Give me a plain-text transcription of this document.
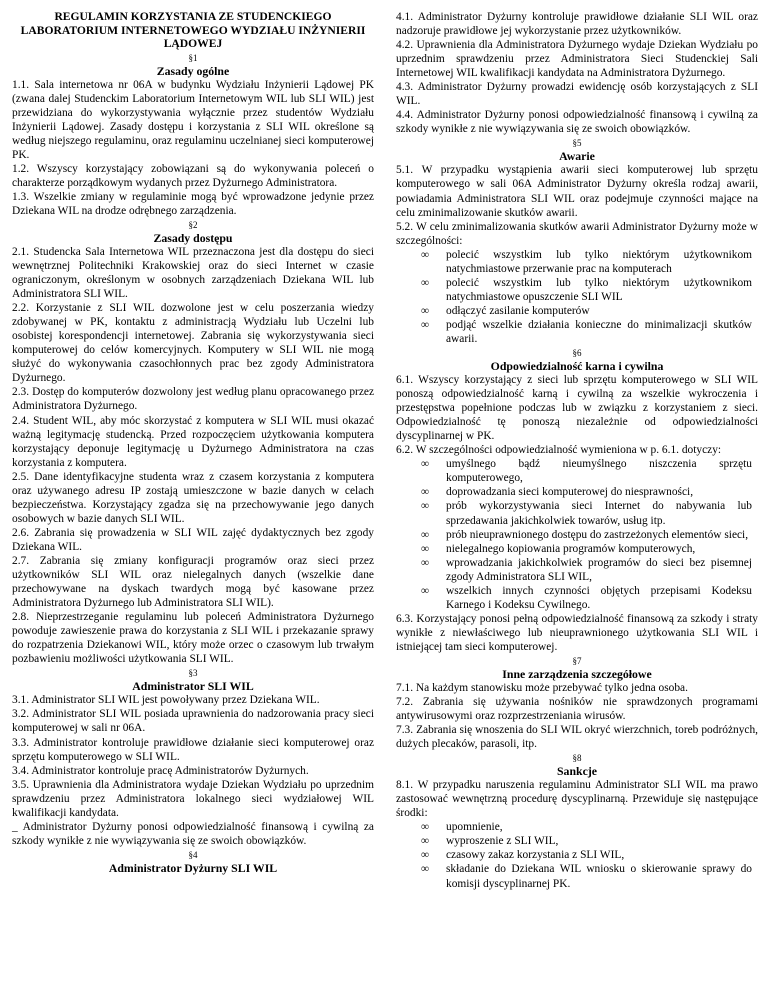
REGULAMIN KORZYSTANIA ZE STUDENCKIEGO LABORATORIUM INTERNETOWEGO WYDZIAŁU INŻYNIERII LĄDOWEJ

§1

Zasady ogólne

1.1. Sala internetowa nr 06A w budynku Wydziału Inżynierii Lądowej PK (zwana dalej Studenckim Laboratorium Internetowym WIL lub SLI WIL) jest przewidziana do wykorzystywania wyłącznie przez studentów Wydziału Inżynierii Lądowej. Zasady dostępu i korzystania z SLI WIL określone są według niejszego regulaminu, oraz regulaminu uczelnianej sieci komputerowej PK.

1.2. Wszyscy korzystający zobowiązani są do wykonywania poleceń o charakterze porządkowym wydanych przez Dyżurnego Administratora.

1.3. Wszelkie zmiany w regulaminie mogą być wprowadzone jedynie przez Dziekana WIL na drodze odrębnego zarządzenia.

§2

Zasady dostępu

2.1. Studencka Sala Internetowa WIL przeznaczona jest dla dostępu do sieci wewnętrznej Politechniki Krakowskiej oraz do sieci Internet w czasie ograniczonym, określonym w osobnych zarządzeniach Dziekana WIL lub Administratora SLI WIL.

2.2. Korzystanie z SLI WIL dozwolone jest w celu poszerzania wiedzy zdobywanej w PK, kontaktu z administracją Wydziału lub Uczelni lub osobistej korespondencji internetowej. Zabrania się wykorzystywania sieci komputerowej do celów komercyjnych. Komputery w SLI WIL nie mogą służyć do wykonywania czasochłonnych prac bez zgody Administratora Dyżurnego.

2.3. Dostęp do komputerów dozwolony jest według planu opracowanego przez Administratora Dyżurnego.

2.4. Student WIL, aby móc skorzystać z komputera w SLI WIL musi okazać ważną legitymację studencką. Przed rozpoczęciem użytkowania komputera korzystający deponuje legitymację u Dyżurnego Administratora na czas korzystania z komputera.

2.5. Dane identyfikacyjne studenta wraz z czasem korzystania z komputera oraz używanego adresu IP zostają umieszczone w bazie danych w celach bezpieczeństwa. Korzystający zgadza się na przechowywanie jego danych osobowych w bazie danych SLI WIL.

2.6. Zabrania się prowadzenia w SLI WIL zajęć dydaktycznych bez zgody Dziekana WIL.

2.7. Zabrania się zmiany konfiguracji programów oraz sieci przez użytkowników SLI WIL oraz nielegalnych danych (wszelkie dane przechowywane na dyskach twardych mogą być kasowane przez Administratora Dyżurnego lub Administratora SLI WIL).

2.8. Nieprzestrzeganie regulaminu lub poleceń Administratora Dyżurnego powoduje zawieszenie prawa do korzystania z SLI WIL i przekazanie sprawy do rozpatrzenia Dziekanowi WIL, który może orzec o czasowym lub trwałym pozbawieniu możliwości użytkowania SLI WIL.

§3

Administrator SLI WIL

3.1. Administrator SLI WIL jest powoływany przez Dziekana WIL.

3.2. Administrator SLI WIL posiada uprawnienia do nadzorowania pracy sieci komputerowej w sali nr 06A.

3.3. Administrator kontroluje prawidłowe działanie sieci komputerowej oraz sprzętu komputerowego w SLI WIL.

3.4. Administrator kontroluje pracę Administratorów Dyżurnych.

3.5. Uprawnienia dla Administratora wydaje Dziekan Wydziału po uprzednim sprawdzeniu przez Administratora lokalnego sieci wydziałowej WIL kwalifikacji kandydata.

_ Administrator Dyżurny ponosi odpowiedzialność finansową i cywilną za szkody wynikłe z nie wywiązywania się ze swoich obowiązków.

§4

Administrator Dyżurny SLI WIL

4.1. Administrator Dyżurny kontroluje prawidłowe działanie SLI WIL oraz nadzoruje prawidłowe jej wykorzystanie przez użytkowników.

4.2. Uprawnienia dla Administratora Dyżurnego wydaje Dziekan Wydziału po uprzednim sprawdzeniu przez Administratora Sieci Studenckiej Sali Internetowej WIL kwalifikacji kandydata na Administratora Dyżurnego.

4.3. Administrator Dyżurny prowadzi ewidencję osób korzystających z SLI WIL.

4.4. Administrator Dyżurny ponosi odpowiedzialność finansową i cywilną za szkody wynikłe z nie wywiązywania się ze swoich obowiązków.

§5

Awarie

5.1. W przypadku wystąpienia awarii sieci komputerowej lub sprzętu komputerowego w sali 06A Administrator Dyżurny określa rodzaj awarii, powiadamia Administratora SLI WIL oraz podejmuje czynności mające na celu zminimalizowanie skutków awarii.

5.2. W celu zminimalizowania skutków awarii Administrator Dyżurny może w szczególności:

∞ polecić wszystkim lub tylko niektórym użytkownikom natychmiastowe przerwanie prac na komputerach
∞ polecić wszystkim lub tylko niektórym użytkownikom natychmiastowe opuszczenie SLI WIL
∞ odłączyć zasilanie komputerów
∞ podjąć wszelkie działania konieczne do minimalizacji skutków awarii.

§6

Odpowiedzialność karna i cywilna

6.1. Wszyscy korzystający z sieci lub sprzętu komputerowego w SLI WIL ponoszą odpowiedzialność karną i cywilną za wszelkie wykroczenia i przestępstwa popełnione podczas lub w związku z korzystaniem z sieci. Odpowiedzialność tę ponoszą niezależnie od odpowiedzialności dyscyplinarnej w PK.

6.2. W szczególności odpowiedzialność wymieniona w p. 6.1. dotyczy:

∞ umyślnego bądź nieumyślnego niszczenia sprzętu komputerowego,
∞ doprowadzania sieci komputerowej do niesprawności,
∞ prób wykorzystywania sieci Internet do nabywania lub sprzedawania jakichkolwiek towarów, usług itp.
∞ prób nieuprawnionego dostępu do zastrzeżonych elementów sieci,
∞ nielegalnego kopiowania programów komputerowych,
∞ wprowadzania jakichkolwiek programów do sieci bez pisemnej zgody Administratora SLI WIL,
∞ wszelkich innych czynności objętych przepisami Kodeksu Karnego i Kodeksu Cywilnego.

6.3. Korzystający ponosi pełną odpowiedzialność finansową za szkody i straty wynikłe z niewłaściwego lub nieuprawnionego użytkowania SLI WIL i istniejącej tam sieci komputerowej.

§7

Inne zarządzenia szczegółowe

7.1. Na każdym stanowisku może przebywać tylko jedna osoba.

7.2. Zabrania się używania nośników nie sprawdzonych programami antywirusowymi oraz rozprzestrzeniania wirusów.

7.3. Zabrania się wnoszenia do SLI WIL okryć wierzchnich, toreb podróżnych, dużych plecaków, parasoli, itp.

§8

Sankcje

8.1. W przypadku naruszenia regulaminu Administrator SLI WIL ma prawo zastosować wewnętrzną procedurę dyscyplinarną. Przewiduje się następujące środki:

∞ upomnienie,
∞ wyproszenie z SLI WIL,
∞ czasowy zakaz korzystania z SLI WIL,
∞ składanie do Dziekana WIL wniosku o skierowanie sprawy do komisji dyscyplinarnej PK.
